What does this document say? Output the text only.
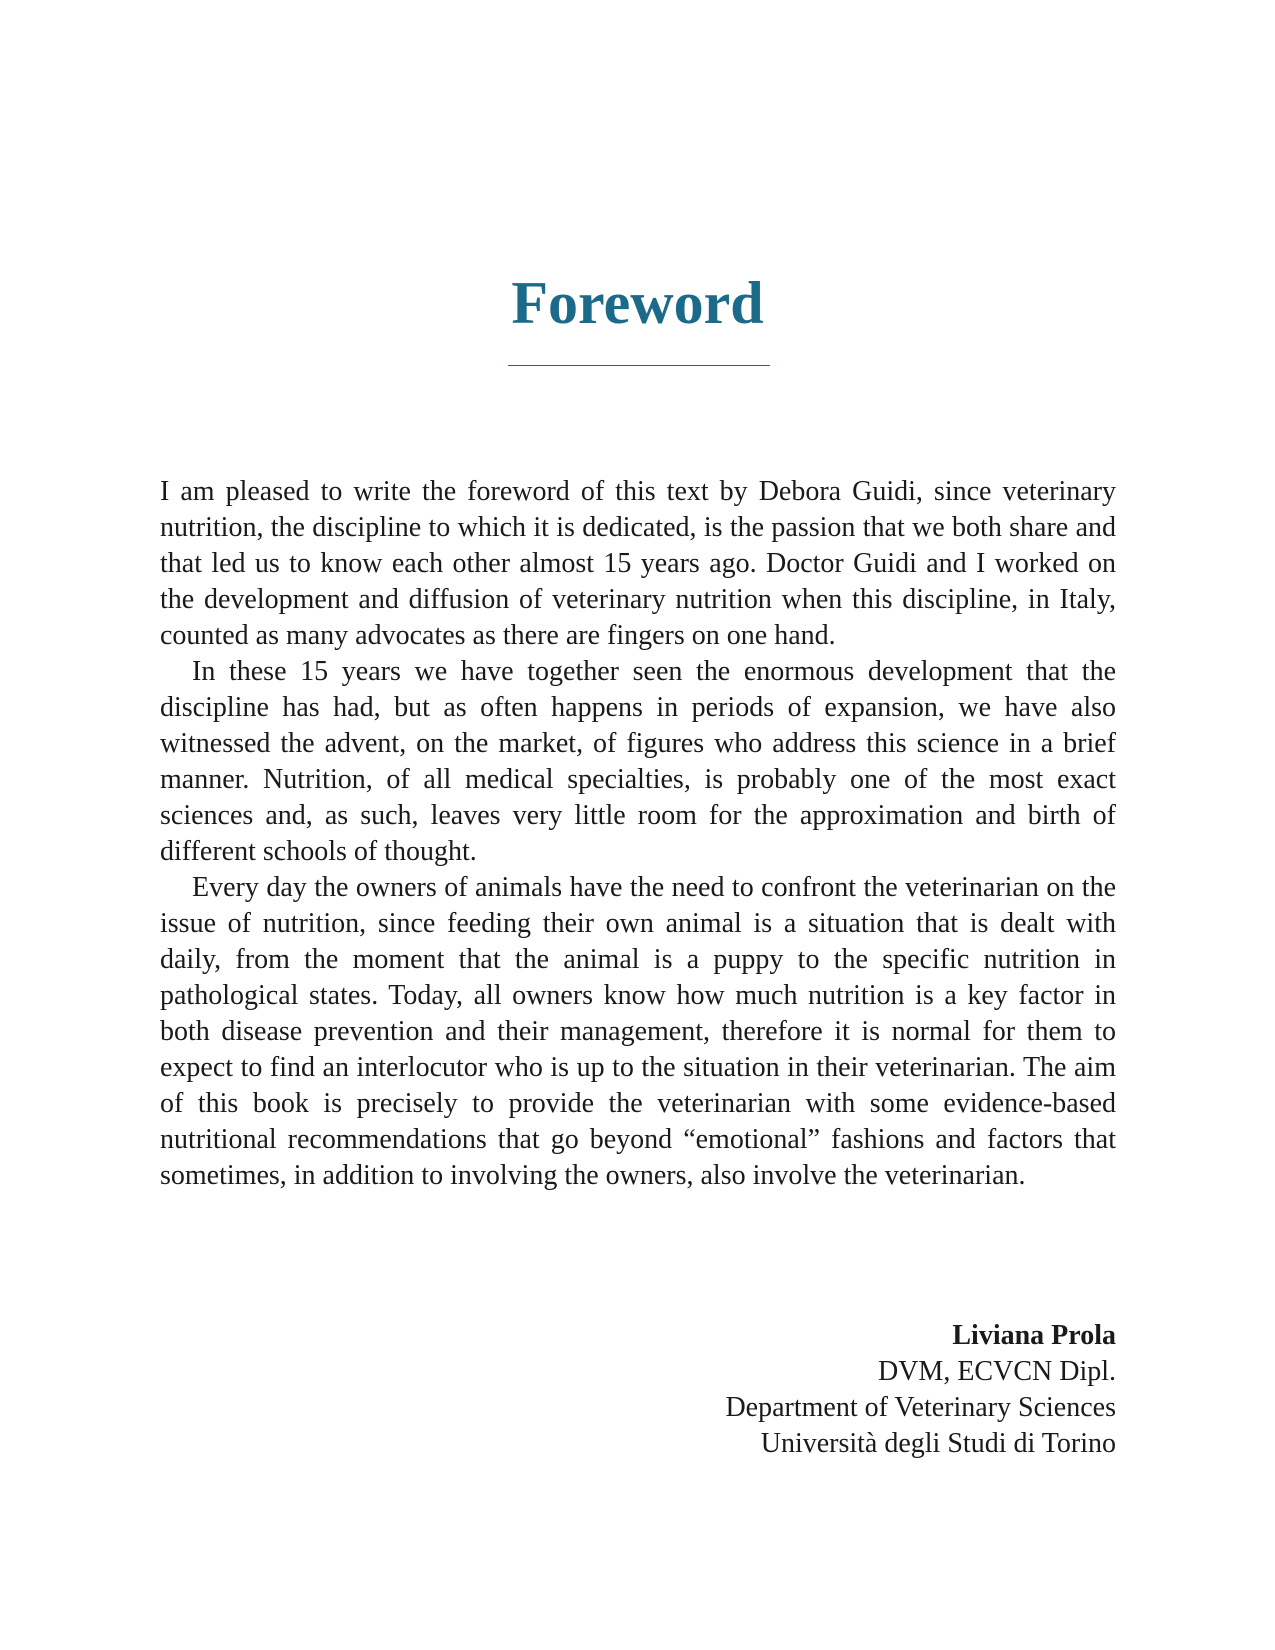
Foreword

I am pleased to write the foreword of this text by Debora Guidi, since veterinary nutrition, the discipline to which it is dedicated, is the passion that we both share and that led us to know each other almost 15 years ago. Doctor Guidi and I worked on the development and diffusion of veterinary nutrition when this discipline, in Italy, counted as many advocates as there are fingers on one hand.

In these 15 years we have together seen the enormous development that the discipline has had, but as often happens in periods of expansion, we have also witnessed the advent, on the market, of figures who address this science in a brief manner. Nutrition, of all medical specialties, is probably one of the most exact sciences and, as such, leaves very little room for the approximation and birth of different schools of thought.

Every day the owners of animals have the need to confront the veterinarian on the issue of nutrition, since feeding their own animal is a situation that is dealt with daily, from the moment that the animal is a puppy to the specific nutrition in pathological states. Today, all owners know how much nutrition is a key factor in both disease prevention and their management, therefore it is normal for them to expect to find an interlocutor who is up to the situation in their veterinarian. The aim of this book is precisely to provide the veterinarian with some evidence-based nutritional recommendations that go beyond “emotional” fashions and factors that sometimes, in addition to involving the owners, also involve the veterinarian.

Liviana Prola
DVM, ECVCN Dipl.
Department of Veterinary Sciences
Università degli Studi di Torino
